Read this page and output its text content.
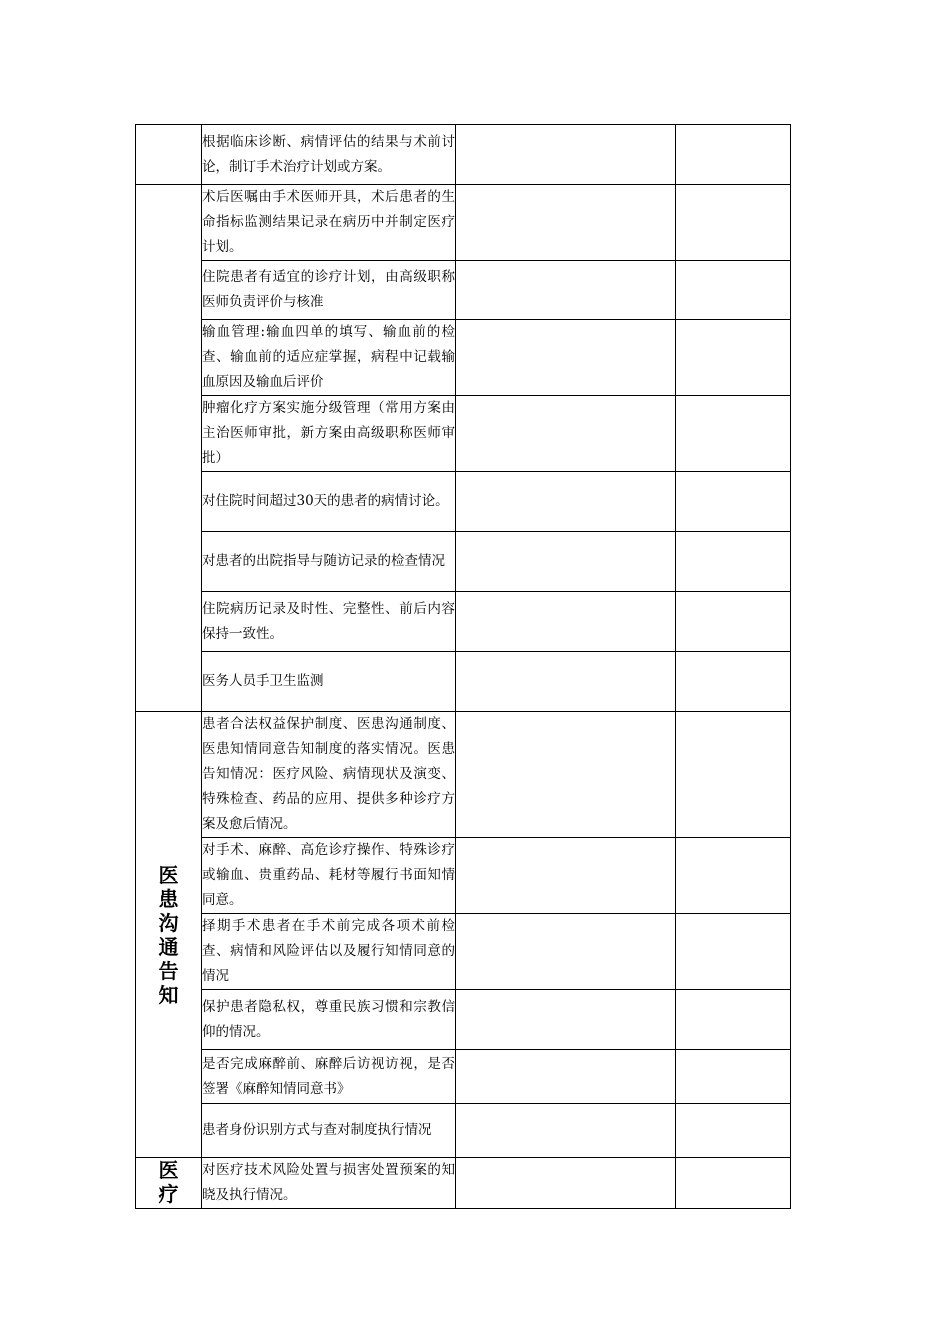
	根据临床诊断、病情评估的结果与术前讨论，制订手术治疗计划或方案。		

	术后医嘱由手术医师开具，术后患者的生命指标监测结果记录在病历中并制定医疗计划。		
	住院患者有适宜的诊疗计划，由高级职称医师负责评价与核准		
	输血管理:输血四单的填写、输血前的检查、输血前的适应症掌握，病程中记载输血原因及输血后评价		
	肿瘤化疗方案实施分级管理（常用方案由主治医师审批，新方案由高级职称医师审批）		
	对住院时间超过30天的患者的病情讨论。		
	对患者的出院指导与随访记录的检查情况		
	住院病历记录及时性、完整性、前后内容保持一致性。		
	医务人员手卫生监测		

医患沟通告知	患者合法权益保护制度、医患沟通制度、医患知情同意告知制度的落实情况。医患告知情况：医疗风险、病情现状及演变、特殊检查、药品的应用、提供多种诊疗方案及愈后情况。		
	对手术、麻醉、高危诊疗操作、特殊诊疗或输血、贵重药品、耗材等履行书面知情同意。		
	择期手术患者在手术前完成各项术前检查、病情和风险评估以及履行知情同意的情况		
	保护患者隐私权，尊重民族习惯和宗教信仰的情况。		
	是否完成麻醉前、麻醉后访视访视，是否签署《麻醉知情同意书》		
	患者身份识别方式与查对制度执行情况		

医疗	对医疗技术风险处置与损害处置预案的知晓及执行情况。		
